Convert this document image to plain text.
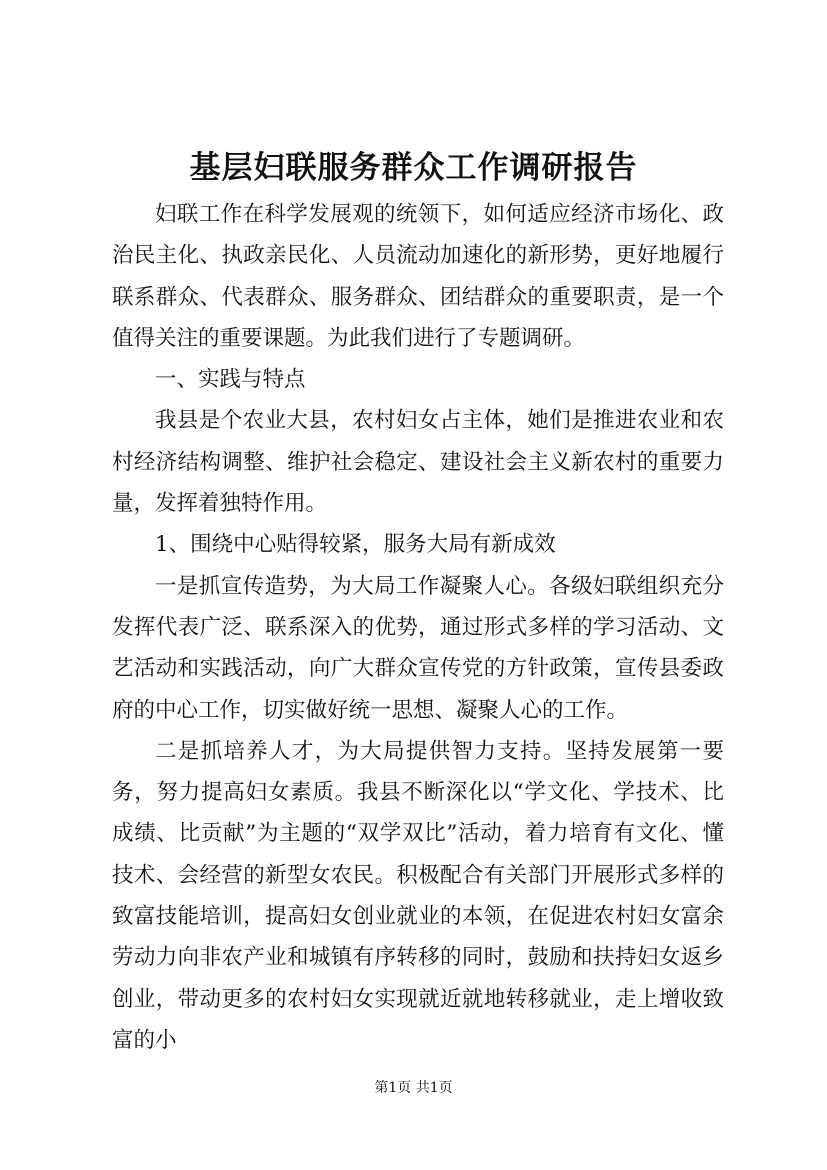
基层妇联服务群众工作调研报告

妇联工作在科学发展观的统领下，如何适应经济市场化、政治民主化、执政亲民化、人员流动加速化的新形势，更好地履行联系群众、代表群众、服务群众、团结群众的重要职责，是一个值得关注的重要课题。为此我们进行了专题调研。

一、实践与特点

我县是个农业大县，农村妇女占主体，她们是推进农业和农村经济结构调整、维护社会稳定、建设社会主义新农村的重要力量，发挥着独特作用。

1、围绕中心贴得较紧，服务大局有新成效

一是抓宣传造势，为大局工作凝聚人心。各级妇联组织充分发挥代表广泛、联系深入的优势，通过形式多样的学习活动、文艺活动和实践活动，向广大群众宣传党的方针政策，宣传县委政府的中心工作，切实做好统一思想、凝聚人心的工作。

二是抓培养人才，为大局提供智力支持。坚持发展第一要务，努力提高妇女素质。我县不断深化以“学文化、学技术、比成绩、比贡献”为主题的“双学双比”活动，着力培育有文化、懂技术、会经营的新型女农民。积极配合有关部门开展形式多样的致富技能培训，提高妇女创业就业的本领，在促进农村妇女富余劳动力向非农产业和城镇有序转移的同时，鼓励和扶持妇女返乡创业，带动更多的农村妇女实现就近就地转移就业，走上增收致富的小

第1页 共1页
